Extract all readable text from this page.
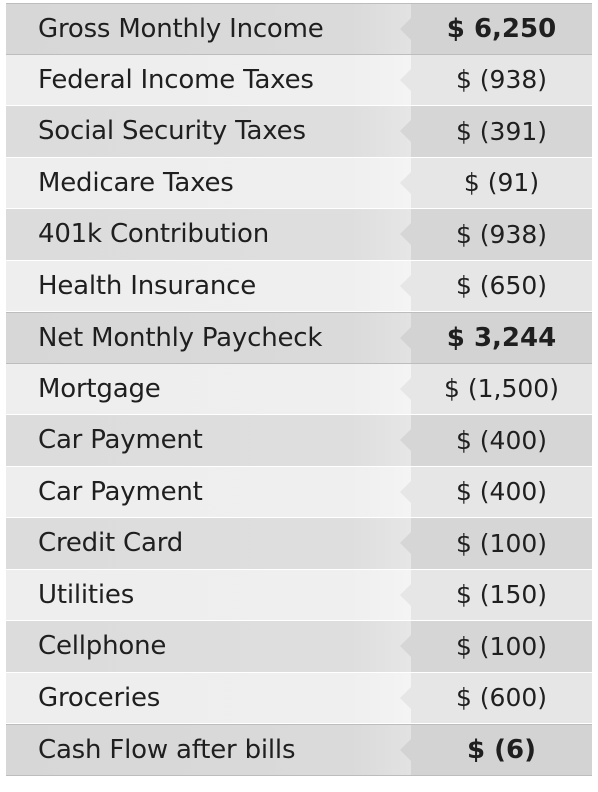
Gross Monthly Income	$ 6,250
Federal Income Taxes	$ (938)
Social Security Taxes	$ (391)
Medicare Taxes	$ (91)
401k Contribution	$ (938)
Health Insurance	$ (650)
Net Monthly Paycheck	$ 3,244
Mortgage	$ (1,500)
Car Payment	$ (400)
Car Payment	$ (400)
Credit Card	$ (100)
Utilities	$ (150)
Cellphone	$ (100)
Groceries	$ (600)
Cash Flow after bills	$ (6)
